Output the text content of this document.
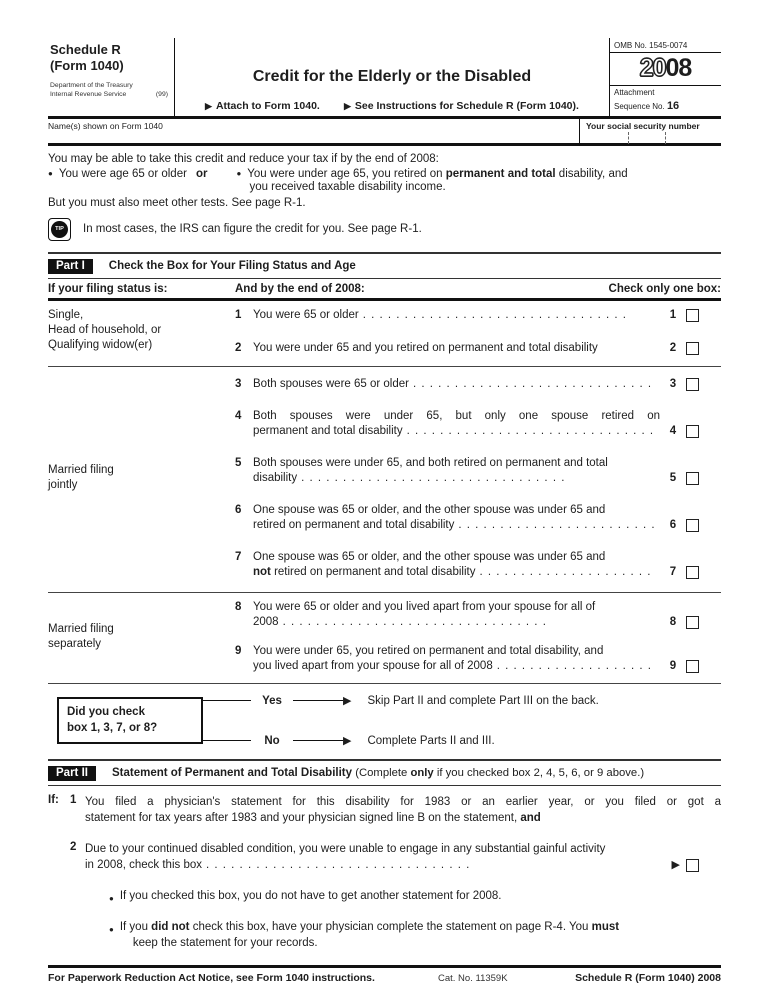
Schedule R
(Form 1040)
Department of the Treasury
Internal Revenue Service	(99)
Credit for the Elderly or the Disabled
▶ Attach to Form 1040.	▶ See Instructions for Schedule R (Form 1040).
OMB No. 1545-0074
2008
Attachment
Sequence No. 16
Name(s) shown on Form 1040	Your social security number

You may be able to take this credit and reduce your tax if by the end of 2008:

● You were age 65 or older or	● You were under age 65, you retired on permanent and total disability, and
you received taxable disability income.

But you must also meet other tests. See page R-1.

TIP	In most cases, the IRS can figure the credit for you. See page R-1.
Part I	Check the Box for Your Filing Status and Age
If your filing status is:	And by the end of 2008:	Check only one box:
Single,
Head of household, or
Qualifying widow(er)
1	You were 65 or older .	1
2	You were under 65 and you retired on permanent and total disability	2
Married filing
jointly
3	Both spouses were 65 or older .	3
4	Both spouses were under 65, but only one spouse retired on
permanent and total disability .	4
5	Both spouses were under 65, and both retired on permanent and total
disability .	5
6	One spouse was 65 or older, and the other spouse was under 65 and
retired on permanent and total disability .	6
7	One spouse was 65 or older, and the other spouse was under 65 and
not retired on permanent and total disability .	7
Married filing
separately
8	You were 65 or older and you lived apart from your spouse for all of
2008 .	8
9	You were under 65, you retired on permanent and total disability, and
you lived apart from your spouse for all of 2008 .	9
Did you check
box 1, 3, 7, or 8?
Yes	▶ Skip Part II and complete Part III on the back.
No	▶ Complete Parts II and III.
Part II	Statement of Permanent and Total Disability (Complete only if you checked box 2, 4, 5, 6, or 9 above.)
If: 1 You filed a physician's statement for this disability for 1983 or an earlier year, or you filed or got a
statement for tax years after 1983 and your physician signed line B on the statement, and
2 Due to your continued disabled condition, you were unable to engage in any substantial gainful activity
in 2008, check this box .	▶
● If you checked this box, you do not have to get another statement for 2008.
● If you did not check this box, have your physician complete the statement on page R-4. You must
keep the statement for your records.
For Paperwork Reduction Act Notice, see Form 1040 instructions.	Cat. No. 11359K	Schedule R (Form 1040) 2008
